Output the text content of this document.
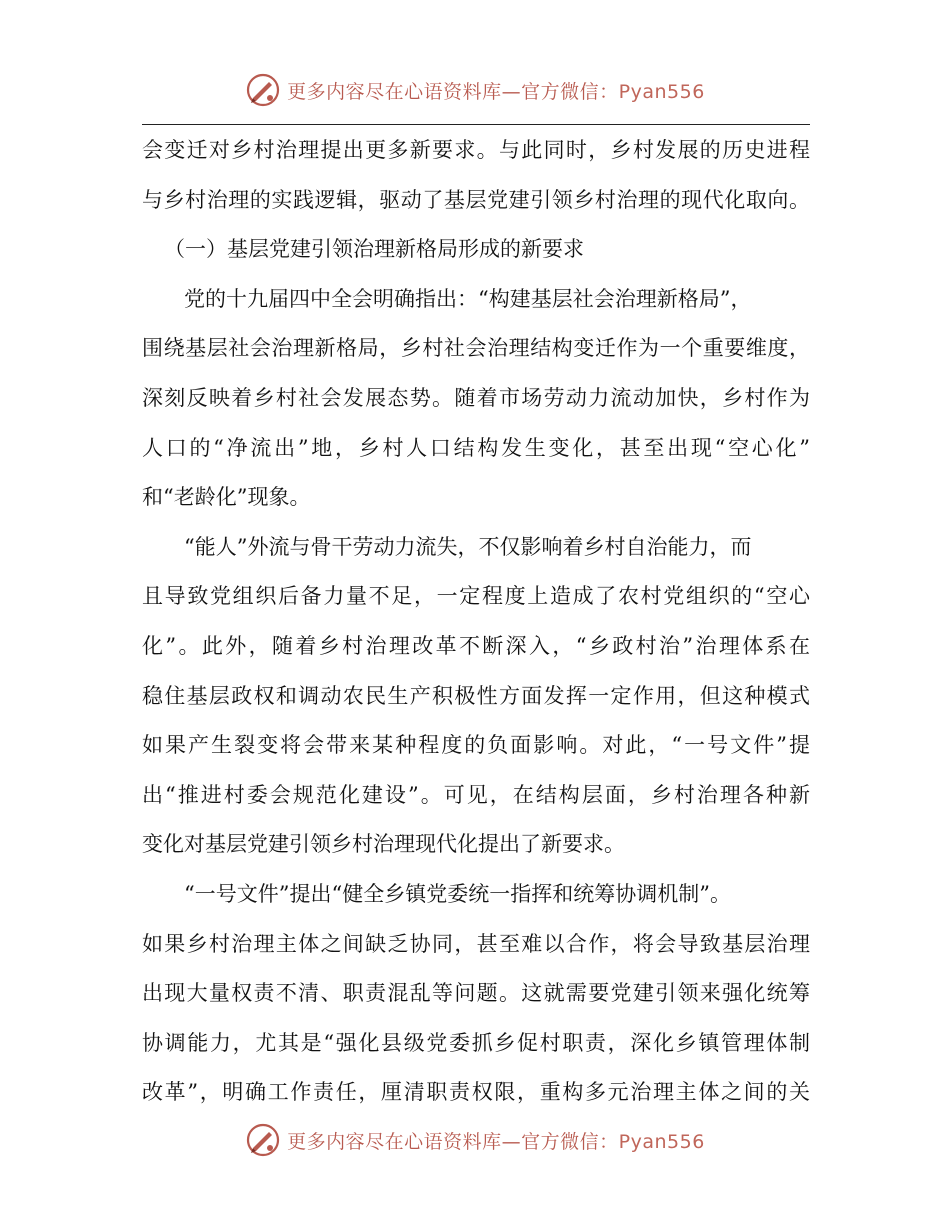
更多内容尽在心语资料库—官方微信：Pyan556
会变迁对乡村治理提出更多新要求。与此同时，乡村发展的历史进程
与乡村治理的实践逻辑，驱动了基层党建引领乡村治理的现代化取向。
（一）基层党建引领治理新格局形成的新要求
党的十九届四中全会明确指出：“构建基层社会治理新格局”，
围绕基层社会治理新格局，乡村社会治理结构变迁作为一个重要维度，
深刻反映着乡村社会发展态势。随着市场劳动力流动加快，乡村作为
人口的“净流出”地，乡村人口结构发生变化，甚至出现“空心化”
和“老龄化”现象。
“能人”外流与骨干劳动力流失，不仅影响着乡村自治能力，而
且导致党组织后备力量不足，一定程度上造成了农村党组织的“空心
化”。此外，随着乡村治理改革不断深入，“乡政村治”治理体系在
稳住基层政权和调动农民生产积极性方面发挥一定作用，但这种模式
如果产生裂变将会带来某种程度的负面影响。对此，“一号文件”提
出“推进村委会规范化建设”。可见，在结构层面，乡村治理各种新
变化对基层党建引领乡村治理现代化提出了新要求。
“一号文件”提出“健全乡镇党委统一指挥和统筹协调机制”。
如果乡村治理主体之间缺乏协同，甚至难以合作，将会导致基层治理
出现大量权责不清、职责混乱等问题。这就需要党建引领来强化统筹
协调能力，尤其是“强化县级党委抓乡促村职责，深化乡镇管理体制
改革”，明确工作责任，厘清职责权限，重构多元治理主体之间的关
更多内容尽在心语资料库—官方微信：Pyan556
